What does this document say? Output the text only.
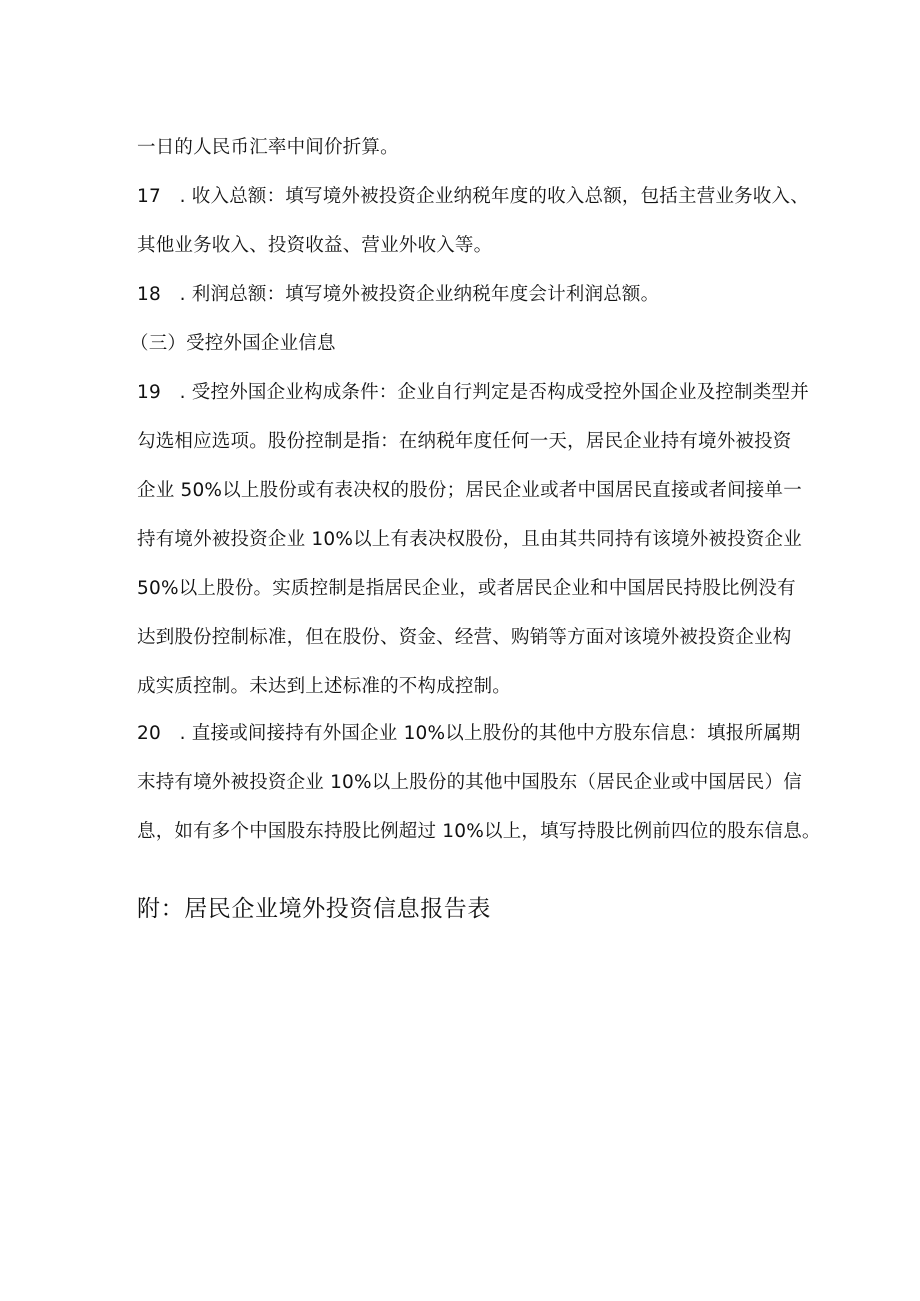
一日的人民币汇率中间价折算。
17　. 收入总额：填写境外被投资企业纳税年度的收入总额，包括主营业务收入、
其他业务收入、投资收益、营业外收入等。
18　. 利润总额：填写境外被投资企业纳税年度会计利润总额。
（三）受控外国企业信息
19　. 受控外国企业构成条件：企业自行判定是否构成受控外国企业及控制类型并
勾选相应选项。股份控制是指：在纳税年度任何一天，居民企业持有境外被投资
企业 50%以上股份或有表决权的股份；居民企业或者中国居民直接或者间接单一
持有境外被投资企业 10%以上有表决权股份，且由其共同持有该境外被投资企业
50%以上股份。实质控制是指居民企业，或者居民企业和中国居民持股比例没有
达到股份控制标准，但在股份、资金、经营、购销等方面对该境外被投资企业构
成实质控制。未达到上述标准的不构成控制。
20　. 直接或间接持有外国企业 10%以上股份的其他中方股东信息：填报所属期
末持有境外被投资企业 10%以上股份的其他中国股东（居民企业或中国居民）信
息，如有多个中国股东持股比例超过 10%以上，填写持股比例前四位的股东信息。
附：居民企业境外投资信息报告表
